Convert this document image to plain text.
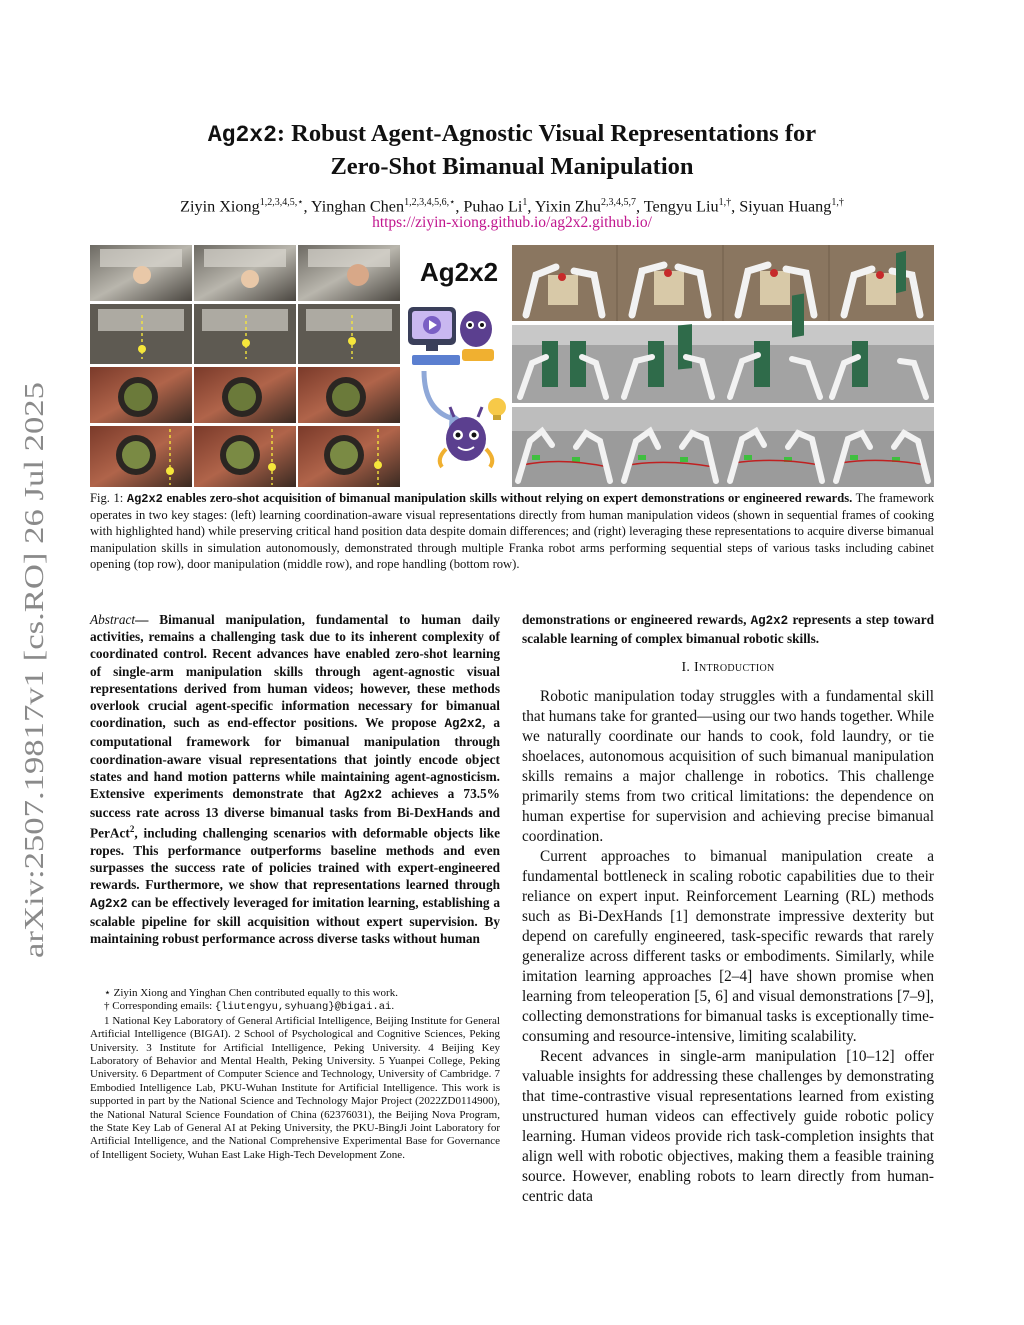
arXiv:2507.19817v1 [cs.RO] 26 Jul 2025
Ag2x2: Robust Agent-Agnostic Visual Representations for
Zero-Shot Bimanual Manipulation
Ziyin Xiong$^{1,2,3,4,5,⋆}$, Yinghan Chen$^{1,2,3,4,5,6,⋆}$, Puhao Li$^1$, Yixin Zhu$^{2,3,4,5,7}$, Tengyu Liu$^{1,\dagger}$, Siyuan Huang$^{1,\dagger}$
https://ziyin-xiong.github.io/ag2x2.github.io/
Ag2x2
Fig. 1: Ag2x2 enables zero-shot acquisition of bimanual manipulation skills without relying on expert demonstrations or engineered rewards. The framework operates in two key stages: (left) learning coordination-aware visual representations directly from human manipulation videos (shown in sequential frames of cooking with highlighted hand) while preserving critical hand position data despite domain differences; and (right) leveraging these representations to acquire diverse bimanual manipulation skills in simulation autonomously, demonstrated through multiple Franka robot arms performing sequential steps of various tasks including cabinet opening (top row), door manipulation (middle row), and rope handling (bottom row).
Abstract— Bimanual manipulation, fundamental to human daily activities, remains a challenging task due to its inherent complexity of coordinated control. Recent advances have enabled zero-shot learning of single-arm manipulation skills through agent-agnostic visual representations derived from human videos; however, these methods overlook crucial agent-specific information necessary for bimanual coordination, such as end-effector positions. We propose Ag2x2, a computational framework for bimanual manipulation through coordination-aware visual representations that jointly encode object states and hand motion patterns while maintaining agent-agnosticism. Extensive experiments demonstrate that Ag2x2 achieves a 73.5% success rate across 13 diverse bimanual tasks from Bi-DexHands and PerAct$^2$, including challenging scenarios with deformable objects like ropes. This performance outperforms baseline methods and even surpasses the success rate of policies trained with expert-engineered rewards. Furthermore, we show that representations learned through Ag2x2 can be effectively leveraged for imitation learning, establishing a scalable pipeline for skill acquisition without expert supervision. By maintaining robust performance across diverse tasks without human

⋆ Ziyin Xiong and Yinghan Chen contributed equally to this work.

† Corresponding emails: {liutengyu,syhuang}@bigai.ai.

1 National Key Laboratory of General Artificial Intelligence, Beijing Institute for General Artificial Intelligence (BIGAI). 2 School of Psychological and Cognitive Sciences, Peking University. 3 Institute for Artificial Intelligence, Peking University. 4 Beijing Key Laboratory of Behavior and Mental Health, Peking University. 5 Yuanpei College, Peking University. 6 Department of Computer Science and Technology, University of Cambridge. 7 Embodied Intelligence Lab, PKU-Wuhan Institute for Artificial Intelligence. This work is supported in part by the National Science and Technology Major Project (2022ZD0114900), the National Natural Science Foundation of China (62376031), the Beijing Nova Program, the State Key Lab of General AI at Peking University, the PKU-BingJi Joint Laboratory for Artificial Intelligence, and the National Comprehensive Experimental Base for Governance of Intelligent Society, Wuhan East Lake High-Tech Development Zone.

demonstrations or engineered rewards, Ag2x2 represents a step toward scalable learning of complex bimanual robotic skills.
I. Introduction

Robotic manipulation today struggles with a fundamental skill that humans take for granted—using our two hands together. While we naturally coordinate our hands to cook, fold laundry, or tie shoelaces, autonomous acquisition of such bimanual manipulation skills remains a major challenge in robotics. This challenge primarily stems from two critical limitations: the dependence on human expertise for supervision and achieving precise bimanual coordination.

Current approaches to bimanual manipulation create a fundamental bottleneck in scaling robotic capabilities due to their reliance on expert input. Reinforcement Learning (RL) methods such as Bi-DexHands [1] demonstrate impressive dexterity but depend on carefully engineered, task-specific rewards that rarely generalize across different tasks or embodiments. Similarly, while imitation learning approaches [2–4] have shown promise when learning from teleoperation [5, 6] and visual demonstrations [7–9], collecting demonstrations for bimanual tasks is exceptionally time-consuming and resource-intensive, limiting scalability.

Recent advances in single-arm manipulation [10–12] offer valuable insights for addressing these challenges by demonstrating that time-contrastive visual representations learned from existing unstructured human videos can effectively guide robotic policy learning. Human videos provide rich task-completion insights that align well with robotic objectives, making them a feasible training source. However, enabling robots to learn directly from human-centric data
